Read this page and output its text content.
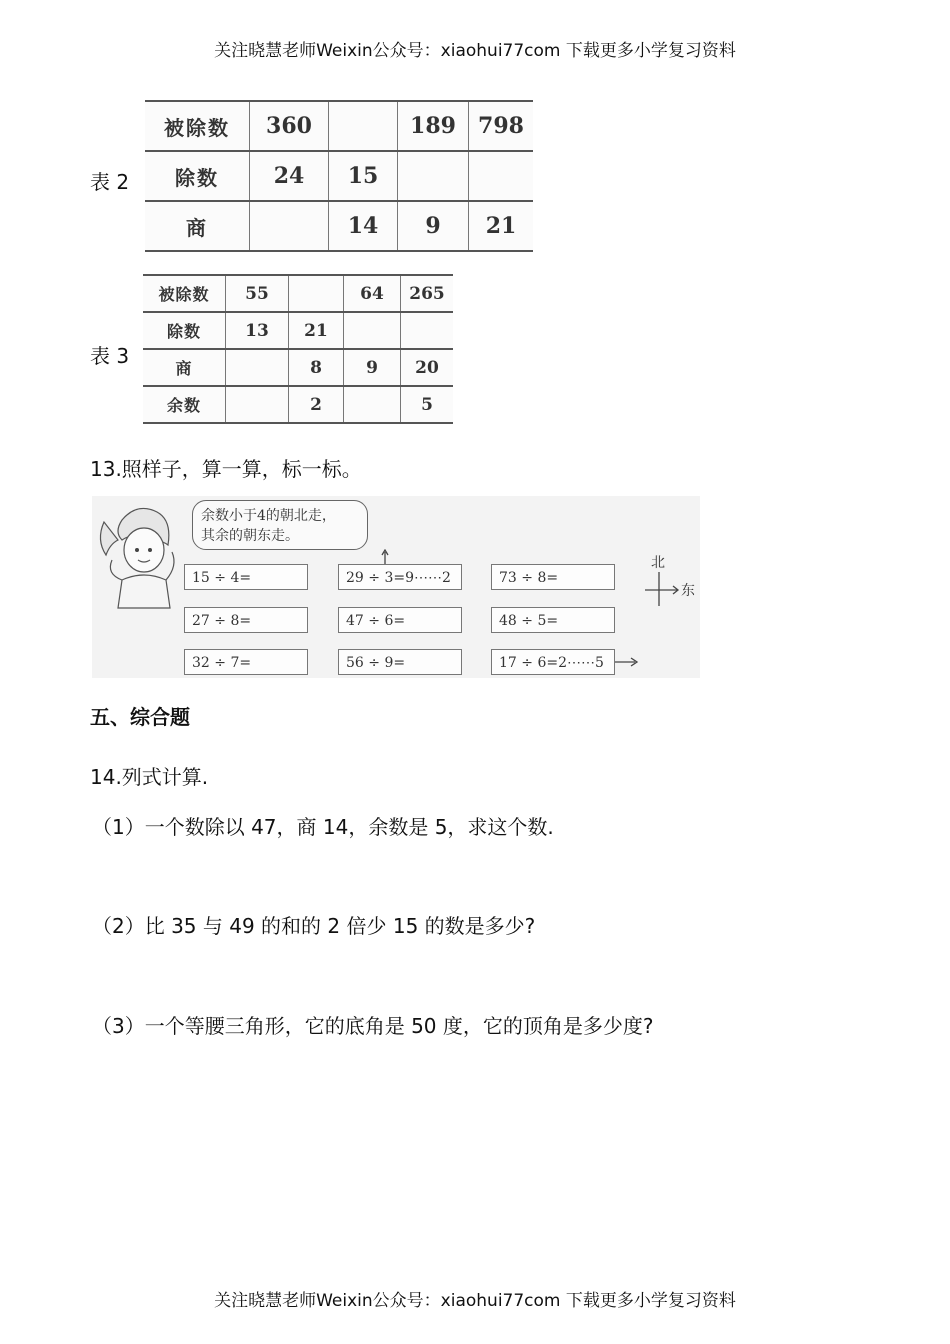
关注晓慧老师Weixin公众号：xiaohui77com 下载更多小学复习资料
表 2
被除数	360		189	798
除数	24	15		
商		14	9	21
表 3
被除数	55		64	265
除数	13	21		
商		8	9	20
余数		2		5
13.照样子，算一算，标一标。
余数小于4的朝北走，
其余的朝东走。
15 ÷ 4=	29 ÷ 3=9⋯⋯2	73 ÷ 8=
27 ÷ 8=	47 ÷ 6=	48 ÷ 5=
32 ÷ 7=	56 ÷ 9=	17 ÷ 6=2⋯⋯5
北
东
五、综合题
14.列式计算.
（1）一个数除以 47，商 14，余数是 5，求这个数.
（2）比 35 与 49 的和的 2 倍少 15 的数是多少?
（3）一个等腰三角形，它的底角是 50 度，它的顶角是多少度?
关注晓慧老师Weixin公众号：xiaohui77com 下载更多小学复习资料
